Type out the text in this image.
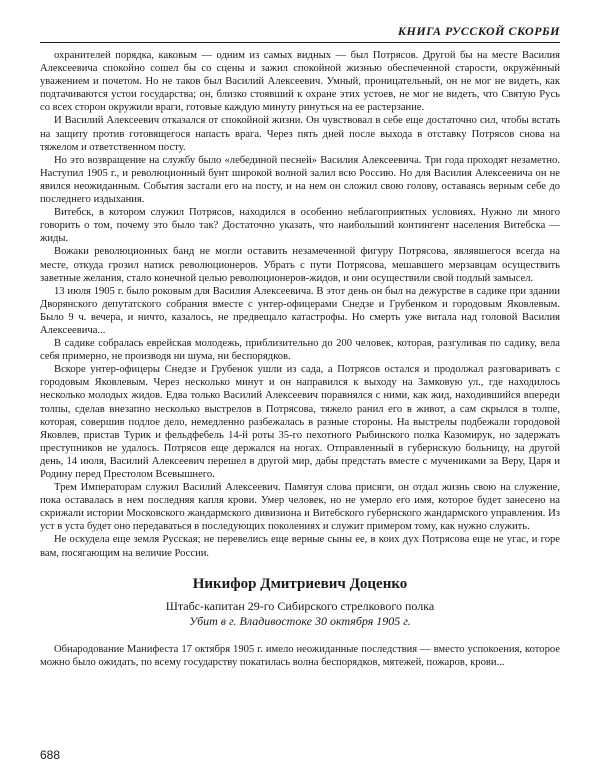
КНИГА РУССКОЙ СКОРБИ

охранителей порядка, каковым — одним из самых видных — был Потрясов. Другой бы на месте Василия Алексеевича спокойно сошел бы со сцены и зажил спокойной жизнью обеспеченной старости, окружённый уважением и почетом. Но не таков был Василий Алексеевич. Умный, проницательный, он не мог не видеть, как подтачиваются устои государства; он, близко стоявший к охране этих устоев, не мог не видеть, что Святую Русь со всех сторон окружили враги, готовые каждую минуту ринуться на ее растерзание.

И Василий Алексеевич отказался от спокойной жизни. Он чувствовал в себе еще достаточно сил, чтобы встать на защиту против готовящегося напасть врага. Через пять дней после выхода в отставку Потрясов снова на тяжелом и ответственном посту.

Но это возвращение на службу было «лебединой песней» Василия Алексеевича. Три года проходят незаметно. Наступил 1905 г., и революционный бунт широкой волной залил всю Россию. Но для Василия Алексеевича он не явился неожиданным. События застали его на посту, и на нем он сложил свою голову, оставаясь верным себе до последнего издыхания.

Витебск, в котором служил Потрясов, находился в особенно неблагоприятных условиях. Нужно ли много говорить о том, почему это было так? Достаточно указать, что наибольший контингент населения Витебска — жиды.

Вожаки революционных банд не могли оставить незамеченной фигуру Потрясова, являвшегося всегда на месте, откуда грозил натиск революционеров. Убрать с пути Потрясова, мешавшего мерзавцам осуществить заветные желания, стало конечной целью революционеров-жидов, и они осуществили свой подлый замысел.

13 июля 1905 г. было роковым для Василия Алексеевича. В этот день он был на дежурстве в садике при здании Дворянского депутатского собрания вместе с унтер-офицерами Снедзе и Грубенком и городовым Яковлевым. Было 9 ч. вечера, и ничто, казалось, не предвещало катастрофы. Но смерть уже витала над головой Василия Алексеевича...

В садике собралась еврейская молодежь, приблизительно до 200 человек, которая, разгуливая по садику, вела себя примерно, не производя ни шума, ни беспорядков.

Вскоре унтер-офицеры Снедзе и Грубенок ушли из сада, а Потрясов остался и продолжал разговаривать с городовым Яковлевым. Через несколько минут и он направился к выходу на Замковую ул., где находилось несколько молодых жидов. Едва только Василий Алексеевич поравнялся с ними, как жид, находившийся впереди толпы, сделав внезапно несколько выстрелов в Потрясова, тяжело ранил его в живот, а сам скрылся в толпе, которая, совершив подлое дело, немедленно разбежалась в разные стороны. На выстрелы подбежали городовой Яковлев, пристав Турик и фельдфебель 14-й роты 35-го пехотного Рыбинского полка Казомирук, но задержать преступников не удалось. Потрясов еще держался на ногах. Отправленный в губернскую больницу, на другой день, 14 июля, Василий Алексеевич перешел в другой мир, дабы предстать вместе с мучениками за Веру, Царя и Родину перед Престолом Всевышнего.

Трем Императорам служил Василий Алексеевич. Памятуя слова присяги, он отдал жизнь свою на служение, пока оставалась в нем последняя капля крови. Умер человек, но не умерло его имя, которое будет занесено на скрижали истории Московского жандармского дивизиона и Витебского губернского жандармского управления. Из уст в уста будет оно передаваться в последующих поколениях и служит примером тому, как нужно служить.

Не оскудела еще земля Русская; не перевелись еще верные сыны ее, в коих дух Потрясова еще не угас, и горе вам, посягающим на величие России.

Никифор Дмитриевич Доценко
Штабс-капитан 29-го Сибирского стрелкового полка
Убит в г. Владивостоке 30 октября 1905 г.

Обнародование Манифеста 17 октября 1905 г. имело неожиданные последствия — вместо успокоения, которое можно было ожидать, по всему государству покатилась волна беспорядков, мятежей, пожаров, крови...

688
